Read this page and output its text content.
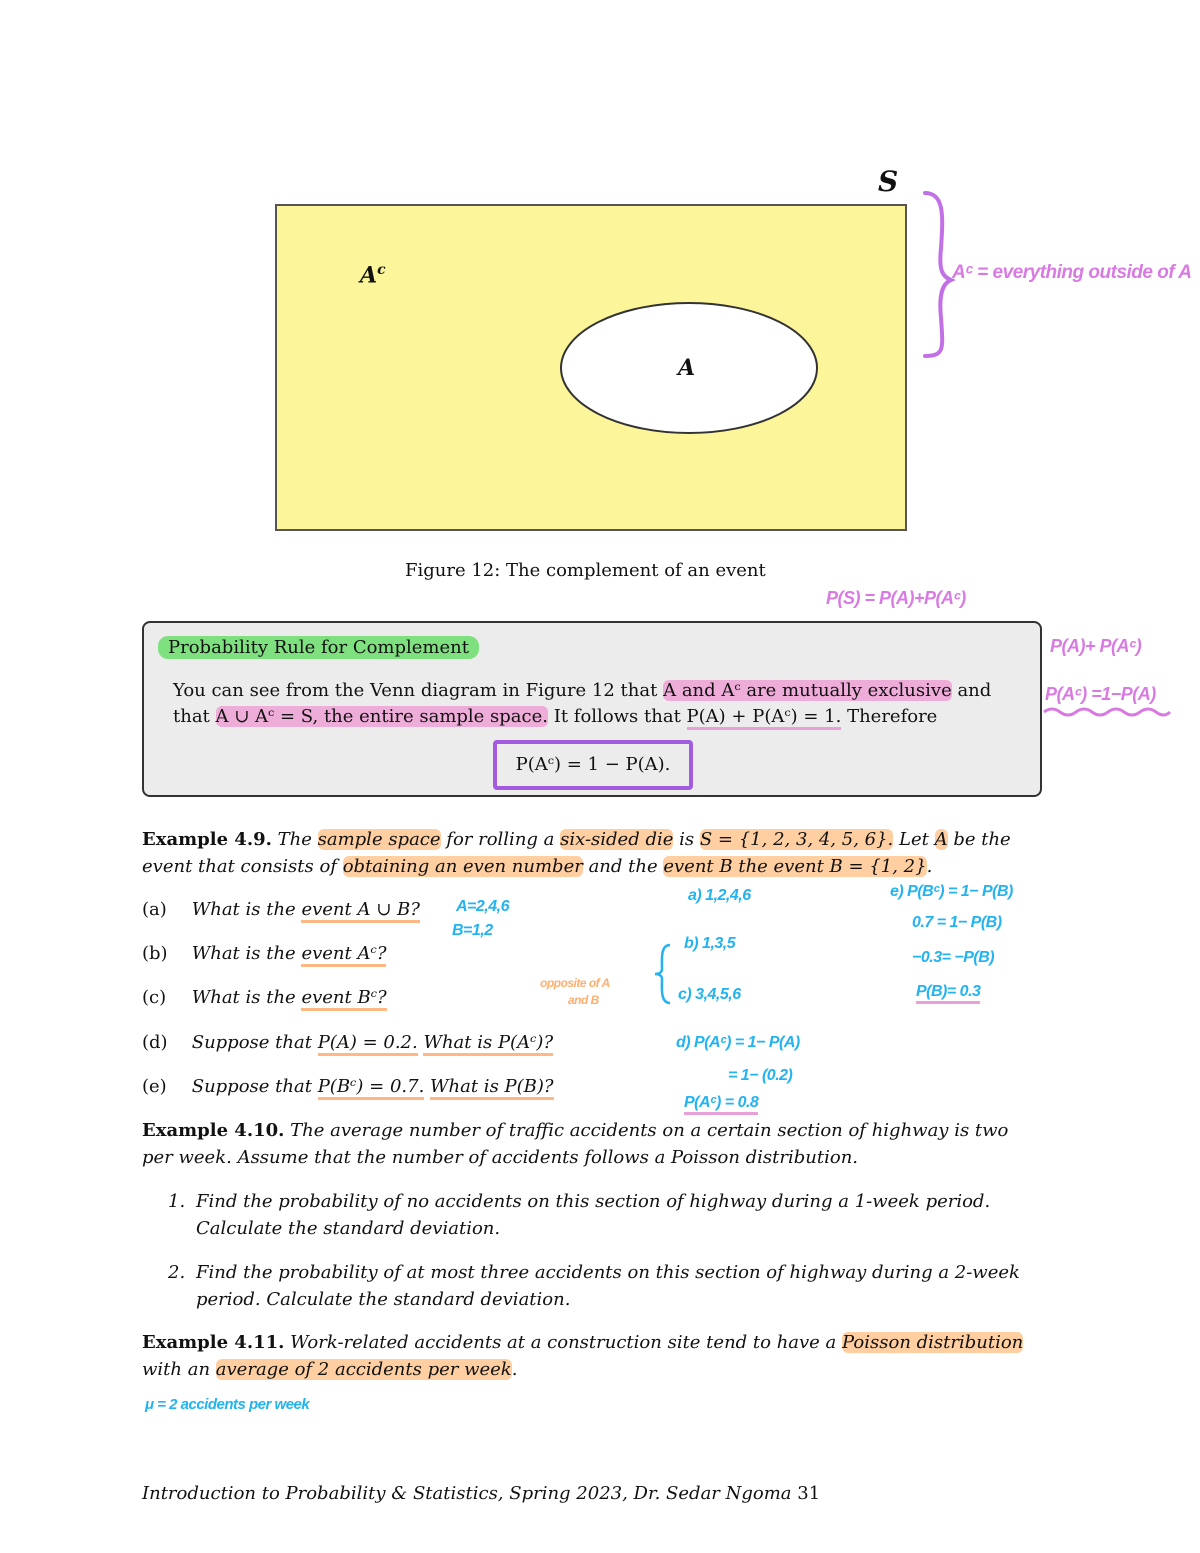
S
$A^c$
A
Aᶜ = everything outside of A
Figure 12: The complement of an event
P(S) = P(A)+P(Aᶜ)
P(A)+ P(Aᶜ)
P(Aᶜ) =1−P(A)
Probability Rule for Complement
You can see from the Venn diagram in Figure 12 that A and Aᶜ are mutually exclusive and
that A ∪ Aᶜ = S, the entire sample space. It follows that P(A) + P(Aᶜ) = 1. Therefore
P(Aᶜ) = 1 − P(A).
Example 4.9. The sample space for rolling a six-sided die is S = {1, 2, 3, 4, 5, 6}. Let A be the
event that consists of obtaining an even number and the event B the event B = {1, 2}.
(a) What is the event A ∪ B?
(b) What is the event Aᶜ?
(c) What is the event Bᶜ?
(d) Suppose that P(A) = 0.2. What is P(Aᶜ)?
(e) Suppose that P(Bᶜ) = 0.7. What is P(B)?
A=2,4,6
B=1,2
a) 1,2,4,6
b) 1,3,5
c) 3,4,5,6
opposite of A
and B
d) P(Aᶜ) = 1− P(A)
= 1− (0.2)
P(Aᶜ) = 0.8
e) P(Bᶜ) = 1− P(B)
0.7 = 1− P(B)
−0.3= −P(B)
P(B)= 0.3
Example 4.10. The average number of traffic accidents on a certain section of highway is two
per week. Assume that the number of accidents follows a Poisson distribution.
1. Find the probability of no accidents on this section of highway during a 1-week period.
Calculate the standard deviation.
2. Find the probability of at most three accidents on this section of highway during a 2-week
period. Calculate the standard deviation.
Example 4.11. Work-related accidents at a construction site tend to have a Poisson distribution
with an average of 2 accidents per week.
μ = 2 accidents per week
Introduction to Probability & Statistics, Spring 2023, Dr. Sedar Ngoma 31
